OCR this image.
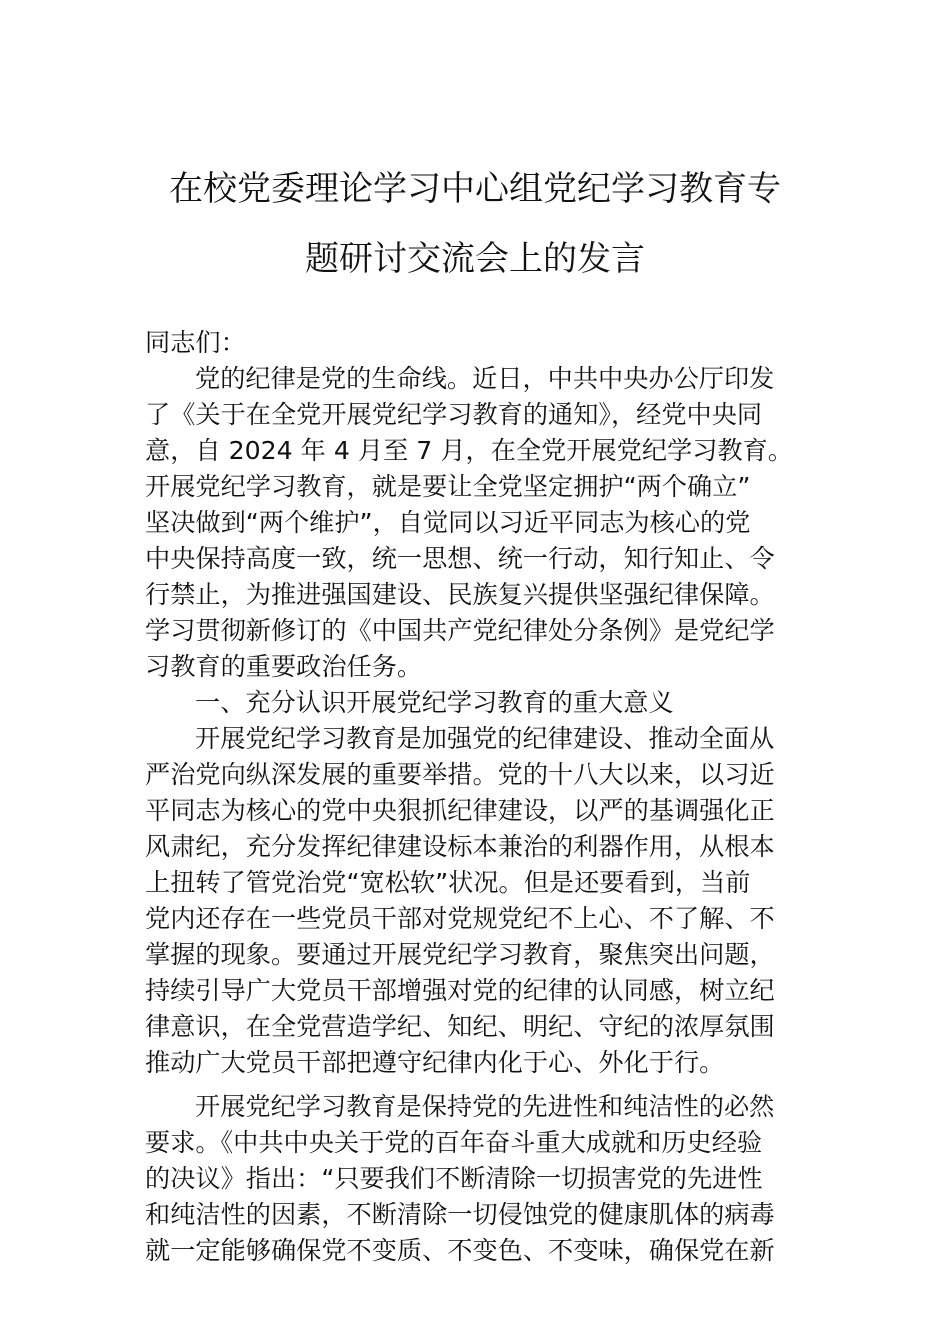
在校党委理论学习中心组党纪学习教育专
题研讨交流会上的发言
同志们：
党的纪律是党的生命线。近日，中共中央办公厅印发
了《关于在全党开展党纪学习教育的通知》，经党中央同
意，自 2024 年 4 月至 7 月，在全党开展党纪学习教育。
开展党纪学习教育，就是要让全党坚定拥护“两个确立”
坚决做到“两个维护”，自觉同以习近平同志为核心的党
中央保持高度一致，统一思想、统一行动，知行知止、令
行禁止，为推进强国建设、民族复兴提供坚强纪律保障。
学习贯彻新修订的《中国共产党纪律处分条例》是党纪学
习教育的重要政治任务。
一、充分认识开展党纪学习教育的重大意义
开展党纪学习教育是加强党的纪律建设、推动全面从
严治党向纵深发展的重要举措。党的十八大以来，以习近
平同志为核心的党中央狠抓纪律建设，以严的基调强化正
风肃纪，充分发挥纪律建设标本兼治的利器作用，从根本
上扭转了管党治党“宽松软”状况。但是还要看到，当前
党内还存在一些党员干部对党规党纪不上心、不了解、不
掌握的现象。要通过开展党纪学习教育，聚焦突出问题，
持续引导广大党员干部增强对党的纪律的认同感，树立纪
律意识，在全党营造学纪、知纪、明纪、守纪的浓厚氛围
推动广大党员干部把遵守纪律内化于心、外化于行。
开展党纪学习教育是保持党的先进性和纯洁性的必然
要求。《中共中央关于党的百年奋斗重大成就和历史经验
的决议》指出：“只要我们不断清除一切损害党的先进性
和纯洁性的因素，不断清除一切侵蚀党的健康肌体的病毒
就一定能够确保党不变质、不变色、不变味，确保党在新
